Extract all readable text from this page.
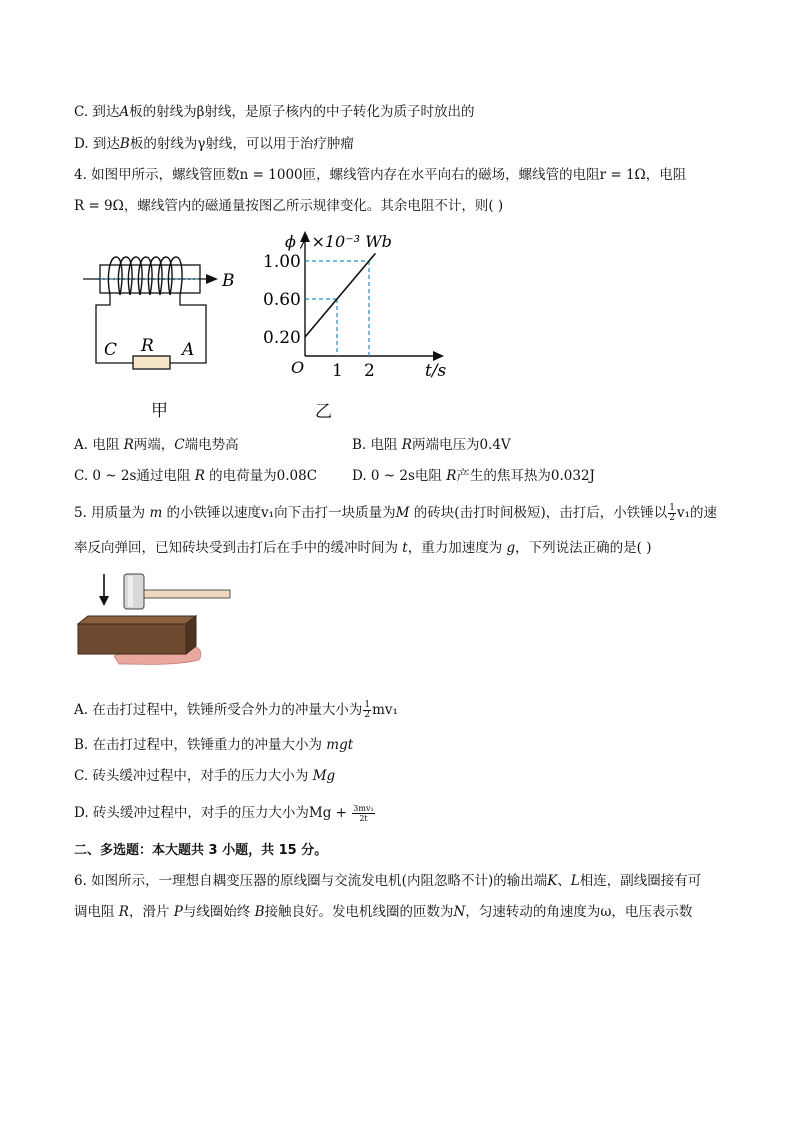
C. 到达𝐴板的射线为β射线，是原子核内的中子转化为质子时放出的
D. 到达𝐵板的射线为γ射线，可以用于治疗肿瘤
4. 如图甲所示，螺线管匝数n = 1000匝，螺线管内存在水平向右的磁场，螺线管的电阻r = 1Ω，电阻
R = 9Ω，螺线管内的磁通量按图乙所示规律变化。其余电阻不计，则( )
B
C R A
甲
1 2
0.20
0.60
1.00
ϕ / ×10⁻³ Wb
t/s
O
乙
A. 电阻 𝑅两端，𝐶端电势高	B. 电阻 𝑅两端电压为0.4V
C. 0 ~ 2s通过电阻 𝑅 的电荷量为0.08C	D. 0 ~ 2s电阻 𝑅产生的焦耳热为0.032J
5. 用质量为 𝑚 的小铁锤以速度v₁向下击打一块质量为𝑀 的砖块(击打时间极短)，击打后，小铁锤以 $\frac{1}{2} v_1$的速
率反向弹回，已知砖块受到击打后在手中的缓冲时间为 𝑡，重力加速度为 𝑔，下列说法正确的是( )
A. 在击打过程中，铁锤所受合外力的冲量大小为 $\frac{1}{2} mv_1$
B. 在击打过程中，铁锤重力的冲量大小为 𝑚𝑔𝑡
C. 砖头缓冲过程中，对手的压力大小为 𝑀𝑔
D. 砖头缓冲过程中，对手的压力大小为$Mg + \frac{\text{3mv₁}}{2t}$
二、多选题：本大题共 3 小题，共 15 分。
6. 如图所示，一理想自耦变压器的原线圈与交流发电机(内阻忽略不计)的输出端𝐾、𝐿相连，副线圈接有可
调电阻 𝑅，滑片 𝑃与线圈始终 𝐵接触良好。发电机线圈的匝数为𝑁，匀速转动的角速度为ω，电压表示数
